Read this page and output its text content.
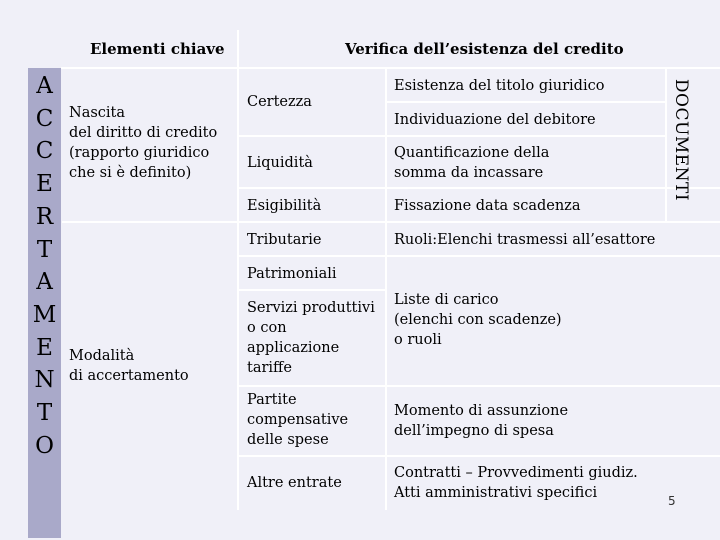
Elementi chiave	Verifica dell’esistenza del credito
A
C
C
E
R
T
A
M
E
N
T
O
Nascita
del diritto di credito
(rapporto giuridico
che si è definito)
Modalità
di accertamento
Certezza
Liquidità
Esigibilità
Tributarie
Patrimoniali
Servizi produttivi
o con
applicazione
tariffe
Partite
compensative
delle spese
Altre entrate
Esistenza del titolo giuridico
Individuazione del debitore
Quantificazione della
somma da incassare
Fissazione data scadenza
Ruoli:Elenchi trasmessi all’esattore
Liste di carico
(elenchi con scadenze)
o ruoli
Momento di assunzione
dell’impegno di spesa
Contratti – Provvedimenti giudiz.
Atti amministrativi specifici
DOCUMENTI
5
